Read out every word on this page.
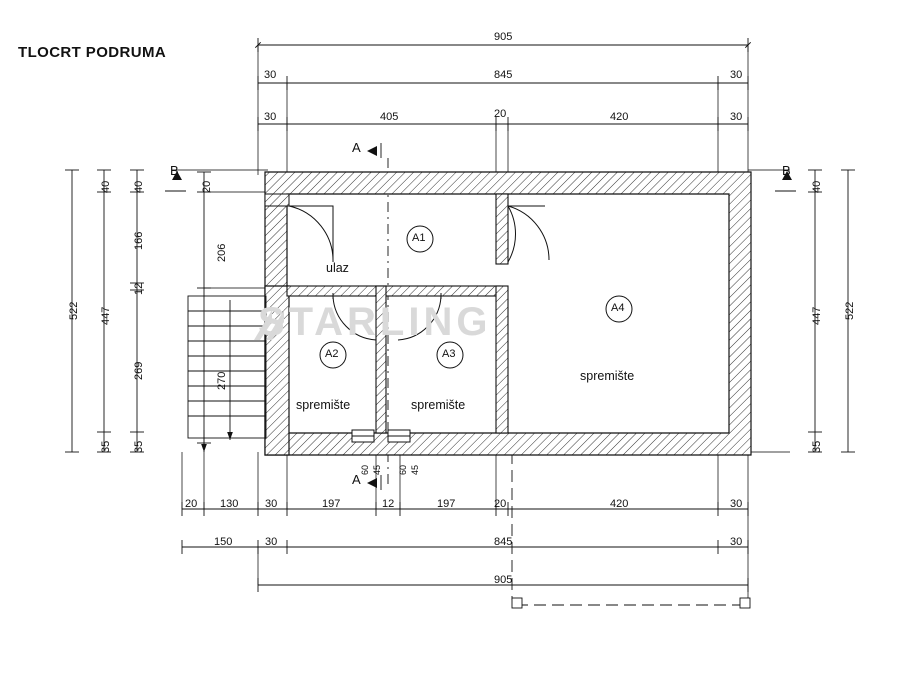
TLOCRT PODRUMA
STARLING
905
30	845	30
30	405	20	420	30
A
A
B	B
522 447
40
35
40
166
12
269
35
20
206
270
522
447
40
35
60 45 60 45
20 130 30	197	12	197	20	420	30
150	30	845	30
905
ulaz
spremište	spremište
spremište
A1
A2	A3
A4
